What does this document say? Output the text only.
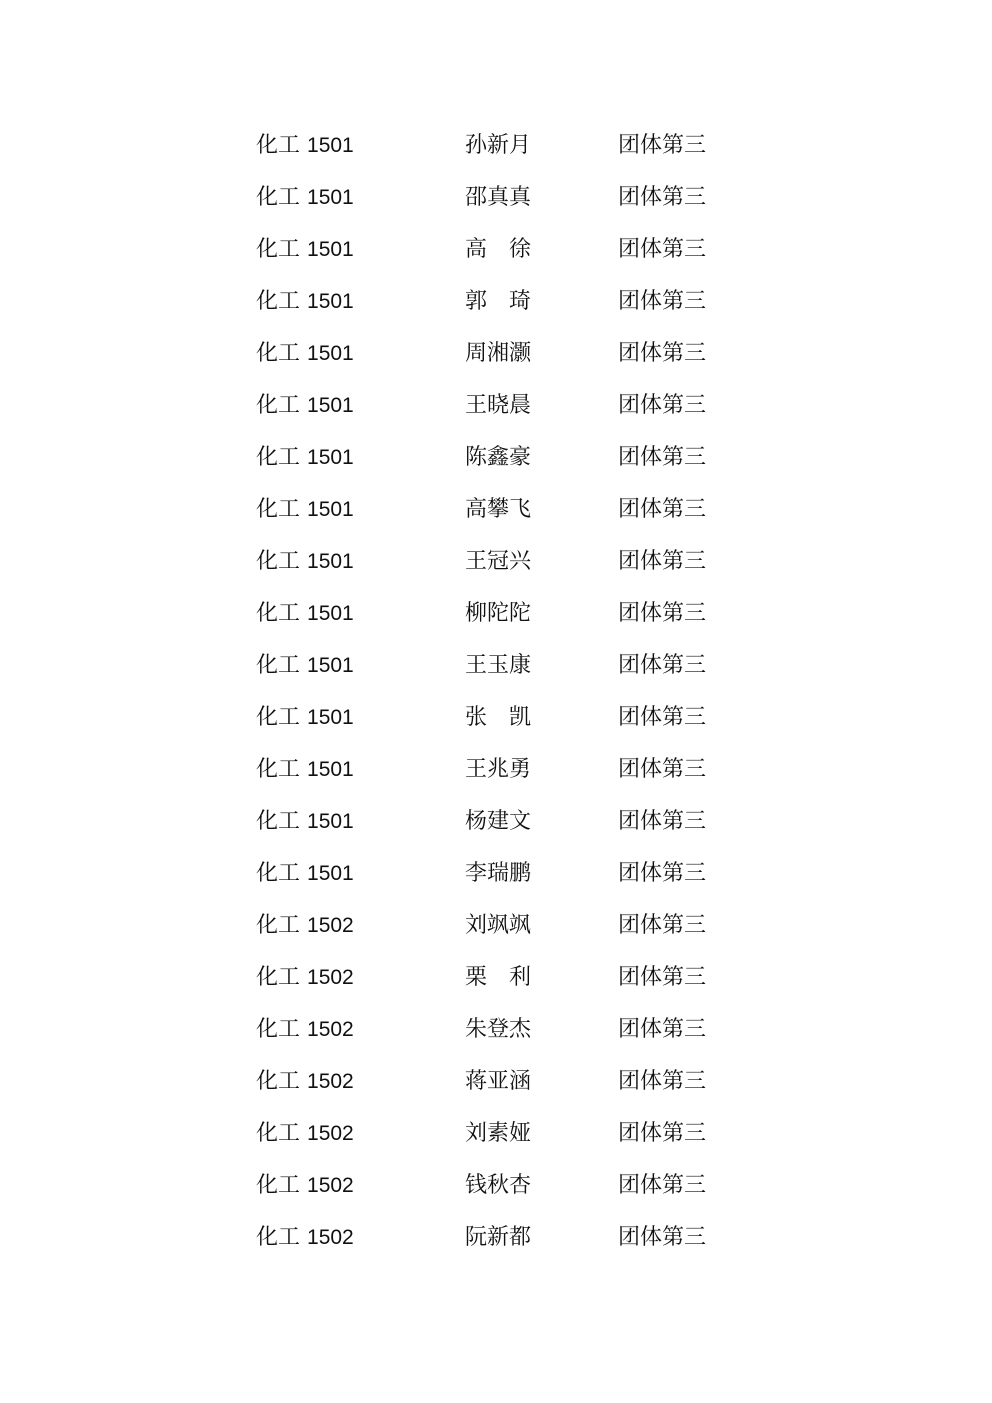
化工 1501	孙新月	团体第三
化工 1501	邵真真	团体第三
化工 1501	高　徐	团体第三
化工 1501	郭　琦	团体第三
化工 1501	周湘灏	团体第三
化工 1501	王晓晨	团体第三
化工 1501	陈鑫豪	团体第三
化工 1501	高攀飞	团体第三
化工 1501	王冠兴	团体第三
化工 1501	柳陀陀	团体第三
化工 1501	王玉康	团体第三
化工 1501	张　凯	团体第三
化工 1501	王兆勇	团体第三
化工 1501	杨建文	团体第三
化工 1501	李瑞鹏	团体第三
化工 1502	刘飒飒	团体第三
化工 1502	栗　利	团体第三
化工 1502	朱登杰	团体第三
化工 1502	蒋亚涵	团体第三
化工 1502	刘素娅	团体第三
化工 1502	钱秋杏	团体第三
化工 1502	阮新都	团体第三
